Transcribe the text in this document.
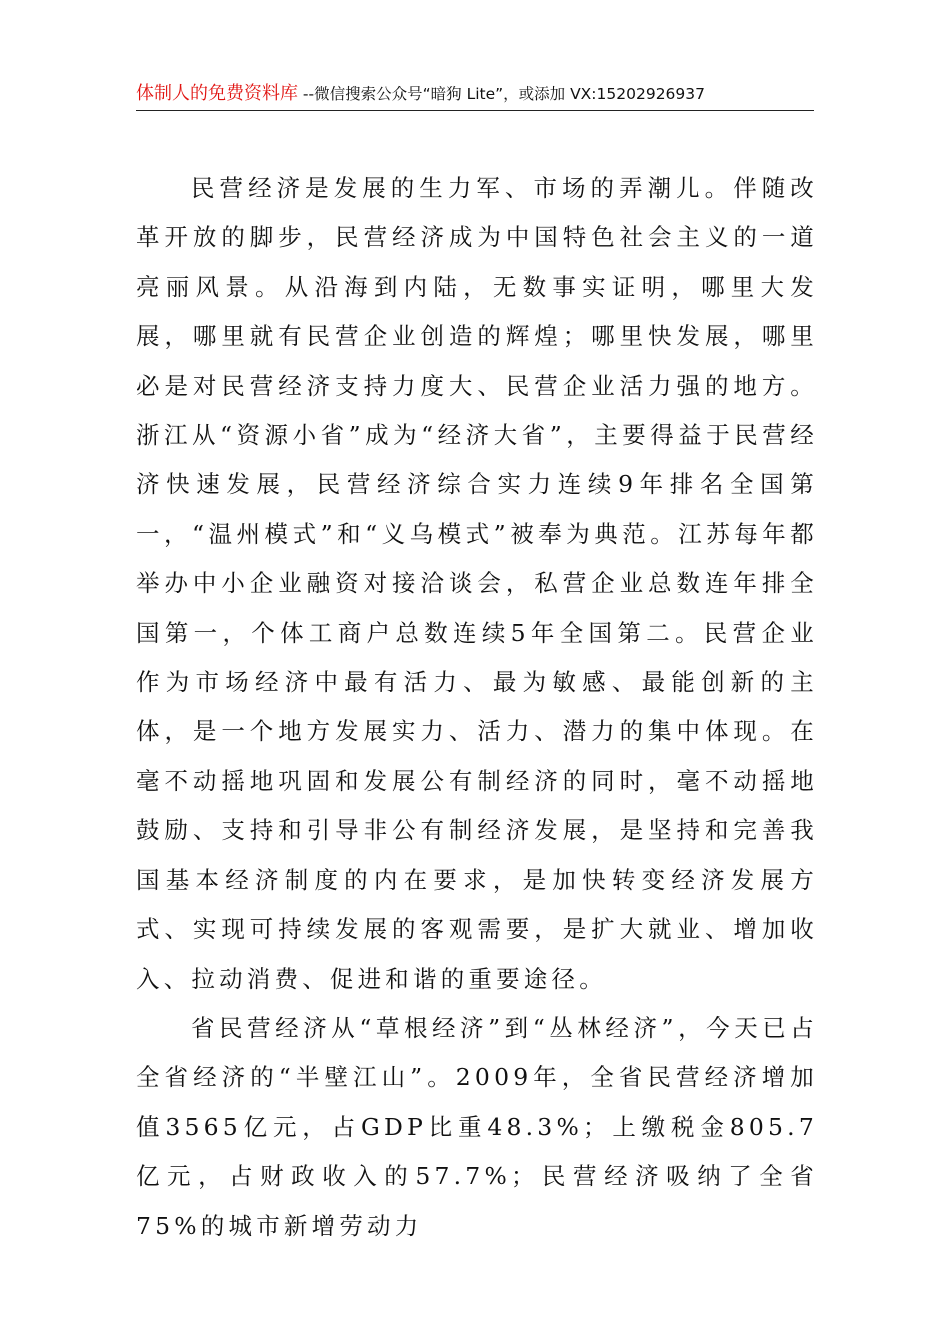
体制人的免费资料库 --微信搜索公众号“暗狗 Lite”，或添加 VX:15202926937

民营经济是发展的生力军、市场的弄潮儿。伴随改革开放的脚步，民营经济成为中国特色社会主义的一道亮丽风景。从沿海到内陆，无数事实证明，哪里大发展，哪里就有民营企业创造的辉煌；哪里快发展，哪里必是对民营经济支持力度大、民营企业活力强的地方。浙江从“资源小省”成为“经济大省”，主要得益于民营经济快速发展，民营经济综合实力连续9年排名全国第一，“温州模式”和“义乌模式”被奉为典范。江苏每年都举办中小企业融资对接洽谈会，私营企业总数连年排全国第一，个体工商户总数连续5年全国第二。民营企业作为市场经济中最有活力、最为敏感、最能创新的主体，是一个地方发展实力、活力、潜力的集中体现。在毫不动摇地巩固和发展公有制经济的同时，毫不动摇地鼓励、支持和引导非公有制经济发展，是坚持和完善我国基本经济制度的内在要求，是加快转变经济发展方式、实现可持续发展的客观需要，是扩大就业、增加收入、拉动消费、促进和谐的重要途径。

省民营经济从“草根经济”到“丛林经济”，今天已占全省经济的“半壁江山”。2009年，全省民营经济增加值3565亿元，占GDP比重48.3%；上缴税金805.7亿元，占财政收入的57.7%；民营经济吸纳了全省75%的城市新增劳动力
